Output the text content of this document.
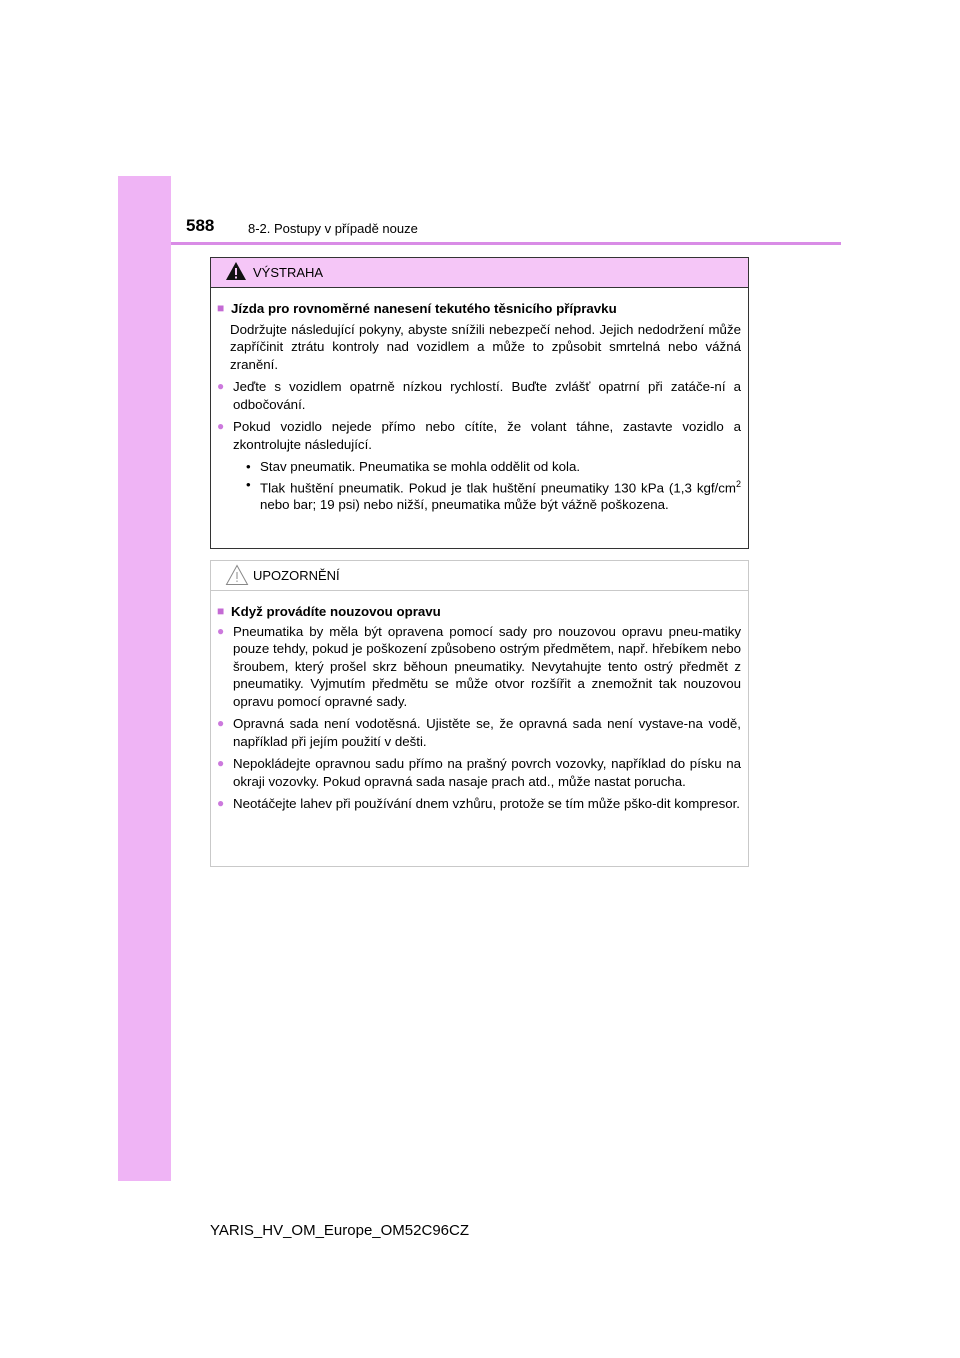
588	8-2. Postupy v případě nouze
VÝSTRAHA
■ Jízda pro rovnoměrné nanesení tekutého těsnicího přípravku
Dodržujte následující pokyny, abyste snížili nebezpečí nehod. Jejich nedodržení může zapříčinit ztrátu kontroly nad vozidlem a může to způsobit smrtelná nebo vážná zranění.
● Jeďte s vozidlem opatrně nízkou rychlostí. Buďte zvlášť opatrní při zatáče-ní a odbočování.
● Pokud vozidlo nejede přímo nebo cítíte, že volant táhne, zastavte vozidlo a zkontrolujte následující.
• Stav pneumatik. Pneumatika se mohla oddělit od kola.
• Tlak huštění pneumatik. Pokud je tlak huštění pneumatiky 130 kPa (1,3 kgf/$cm^2$ nebo bar; 19 psi) nebo nižší, pneumatika může být vážně poškozena.
UPOZORNĚNÍ
■ Když provádíte nouzovou opravu
● Pneumatika by měla být opravena pomocí sady pro nouzovou opravu pneu-matiky pouze tehdy, pokud je poškození způsobeno ostrým předmětem, např. hřebíkem nebo šroubem, který prošel skrz běhoun pneumatiky. Nevytahujte tento ostrý předmět z pneumatiky. Vyjmutím předmětu se může otvor rozšířit a znemožnit tak nouzovou opravu pomocí opravné sady.
● Opravná sada není vodotěsná. Ujistěte se, že opravná sada není vystave-na vodě, například při jejím použití v dešti.
● Nepokládejte opravnou sadu přímo na prašný povrch vozovky, například do písku na okraji vozovky. Pokud opravná sada nasaje prach atd., může nastat porucha.
● Neotáčejte lahev při používání dnem vzhůru, protože se tím může pško-dit kompresor.
YARIS_HV_OM_Europe_OM52C96CZ
